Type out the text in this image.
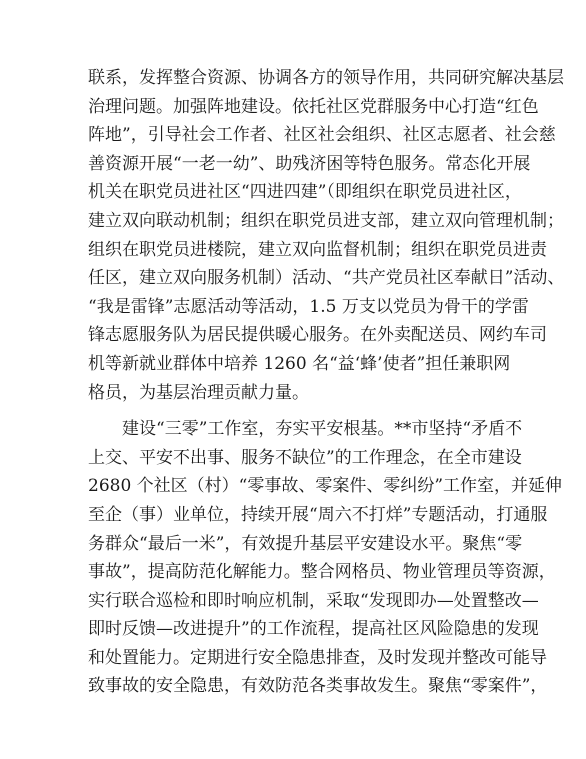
联系，发挥整合资源、协调各方的领导作用，共同研究解决基层
治理问题。加强阵地建设。依托社区党群服务中心打造“红色
阵地”，引导社会工作者、社区社会组织、社区志愿者、社会慈
善资源开展“一老一幼”、助残济困等特色服务。常态化开展
机关在职党员进社区“四进四建”（即组织在职党员进社区，
建立双向联动机制；组织在职党员进支部，建立双向管理机制；
组织在职党员进楼院，建立双向监督机制；组织在职党员进责
任区，建立双向服务机制）活动、“共产党员社区奉献日”活动、
“我是雷锋”志愿活动等活动，1.5 万支以党员为骨干的学雷
锋志愿服务队为居民提供暖心服务。在外卖配送员、网约车司
机等新就业群体中培养 1260 名“益‘蜂’使者”担任兼职网
格员，为基层治理贡献力量。
　　建设“三零”工作室，夯实平安根基。**市坚持“矛盾不
上交、平安不出事、服务不缺位”的工作理念，在全市建设
2680 个社区（村）“零事故、零案件、零纠纷”工作室，并延伸
至企（事）业单位，持续开展“周六不打烊”专题活动，打通服
务群众“最后一米”，有效提升基层平安建设水平。聚焦“零
事故”，提高防范化解能力。整合网格员、物业管理员等资源，
实行联合巡检和即时响应机制，采取“发现即办—处置整改—
即时反馈—改进提升”的工作流程，提高社区风险隐患的发现
和处置能力。定期进行安全隐患排查，及时发现并整改可能导
致事故的安全隐患，有效防范各类事故发生。聚焦“零案件”，
